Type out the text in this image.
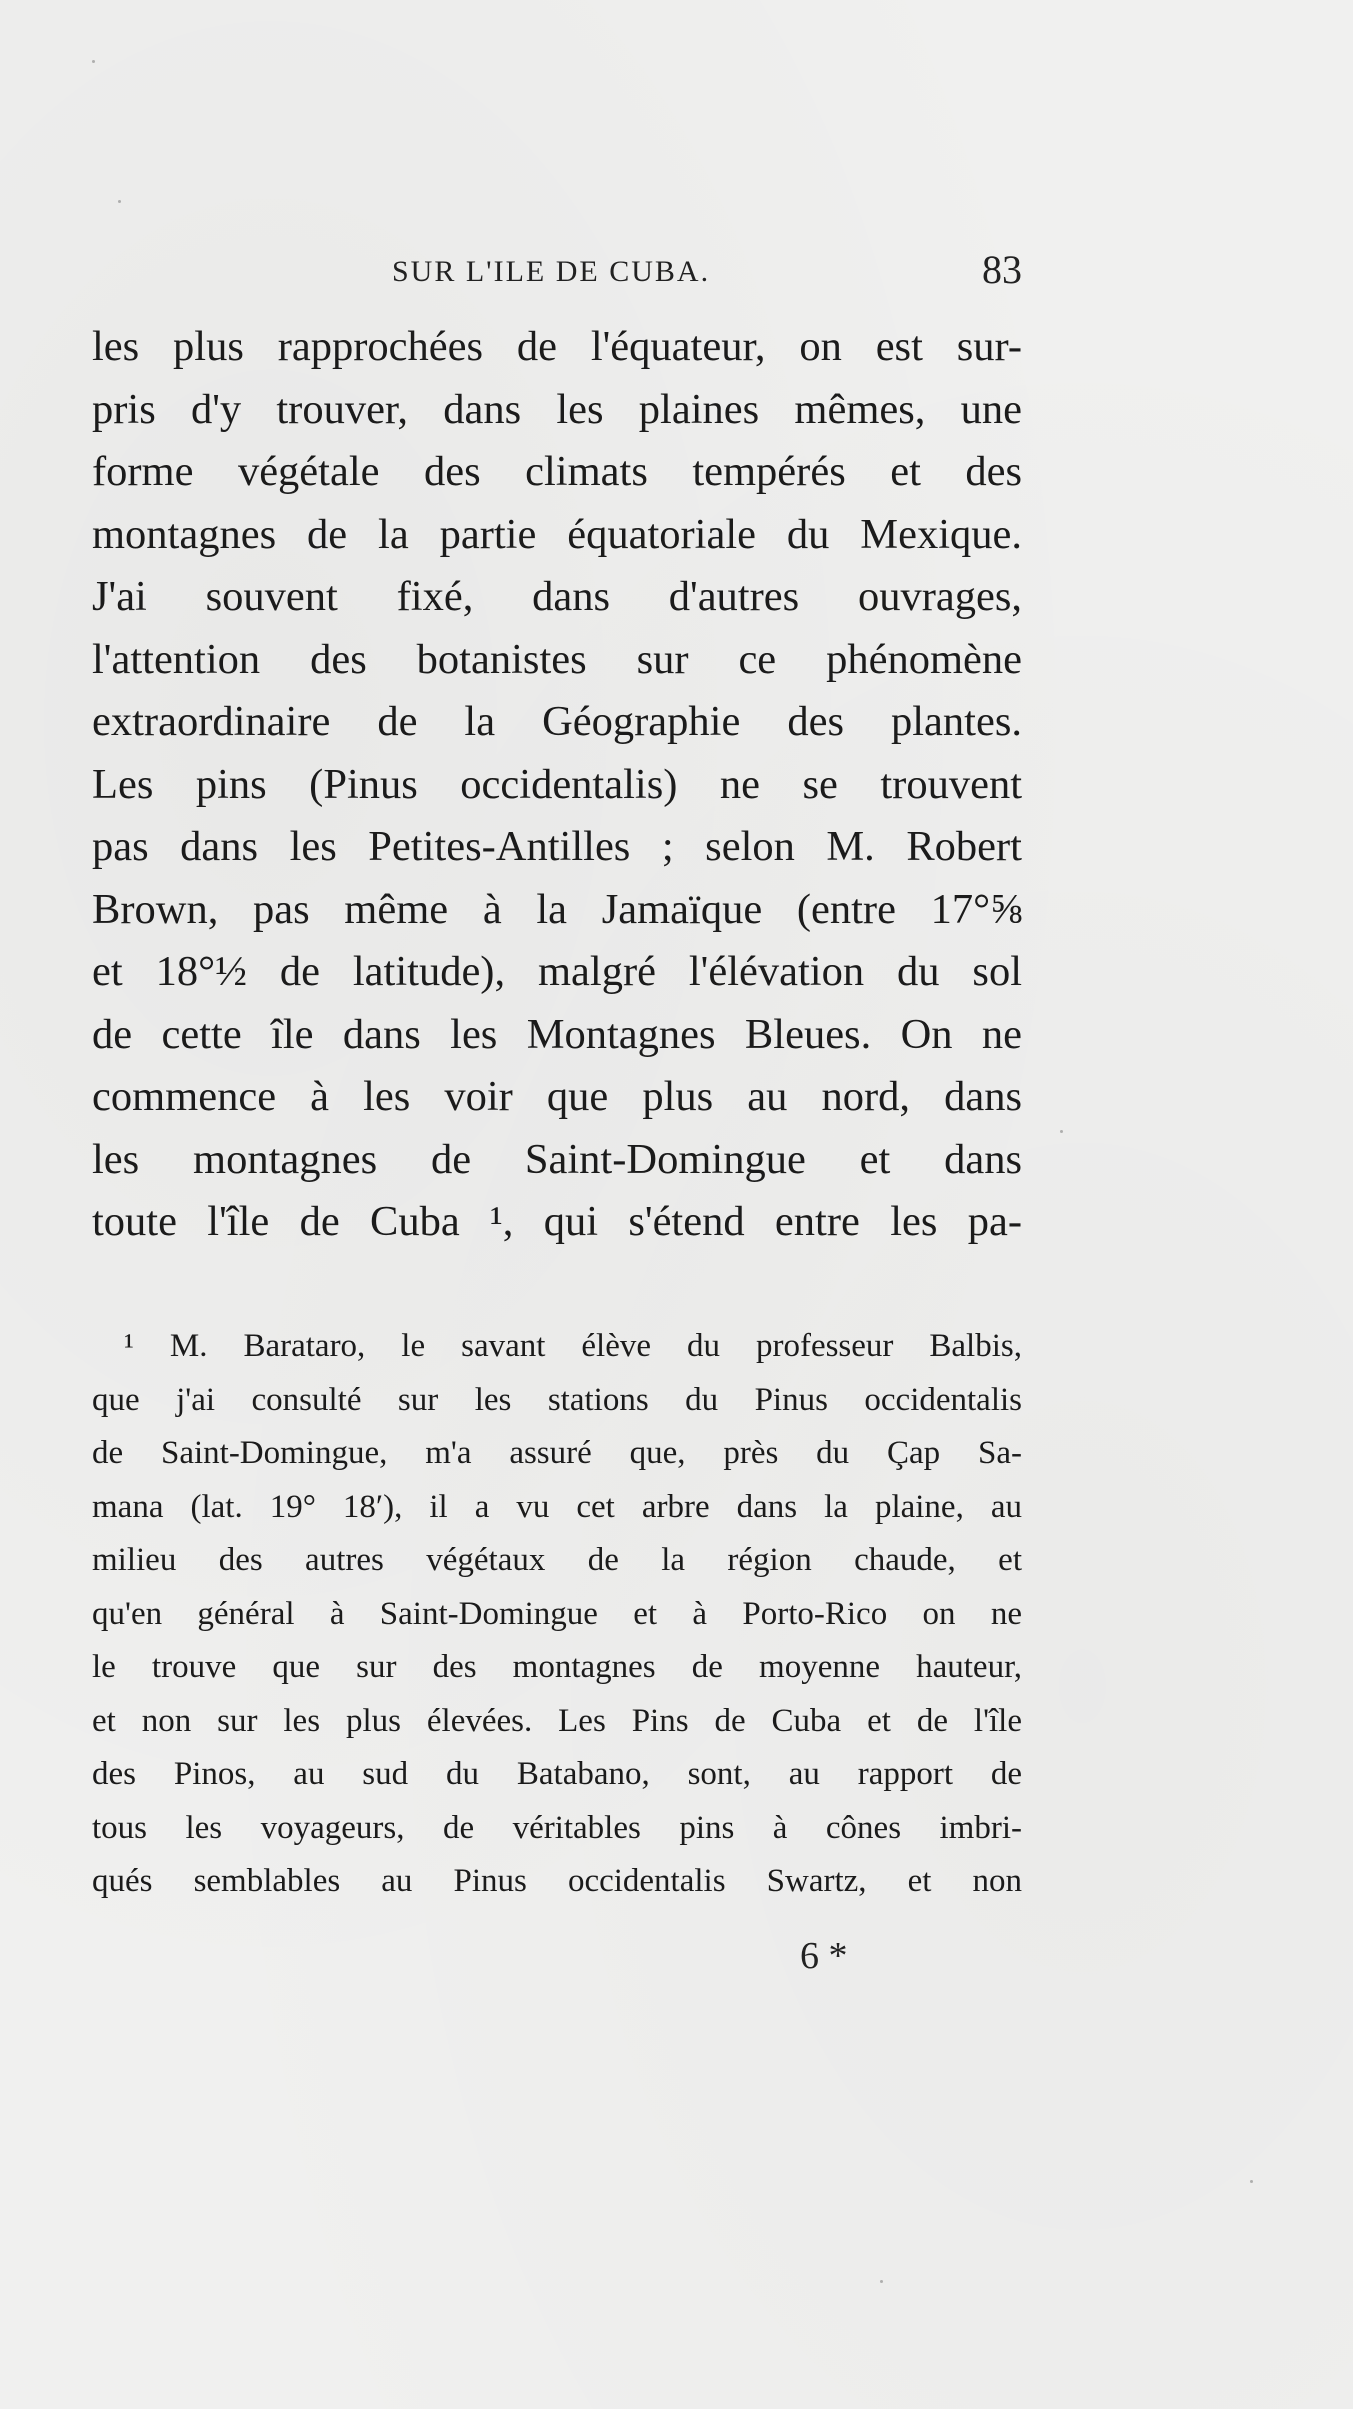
SUR L'ILE DE CUBA.	83
les plus rapprochées de l'équateur, on est sur-
pris d'y trouver, dans les plaines mêmes, une
forme végétale des climats tempérés et des
montagnes de la partie équatoriale du Mexique.
J'ai souvent fixé, dans d'autres ouvrages,
l'attention des botanistes sur ce phénomène
extraordinaire de la Géographie des plantes.
Les pins (Pinus occidentalis) ne se trouvent
pas dans les Petites-Antilles ; selon M. Robert
Brown, pas même à la Jamaïque (entre 17°⅝
et 18°½ de latitude), malgré l'élévation du sol
de cette île dans les Montagnes Bleues. On ne
commence à les voir que plus au nord, dans
les montagnes de Saint-Domingue et dans
toute l'île de Cuba ¹, qui s'étend entre les pa-
¹ M. Barataro, le savant élève du professeur Balbis,
que j'ai consulté sur les stations du Pinus occidentalis
de Saint-Domingue, m'a assuré que, près du Çap Sa-
mana (lat. 19° 18′), il a vu cet arbre dans la plaine, au
milieu des autres végétaux de la région chaude, et
qu'en général à Saint-Domingue et à Porto-Rico on ne
le trouve que sur des montagnes de moyenne hauteur,
et non sur les plus élevées. Les Pins de Cuba et de l'île
des Pinos, au sud du Batabano, sont, au rapport de
tous les voyageurs, de véritables pins à cônes imbri-
qués semblables au Pinus occidentalis Swartz, et non
6 *
